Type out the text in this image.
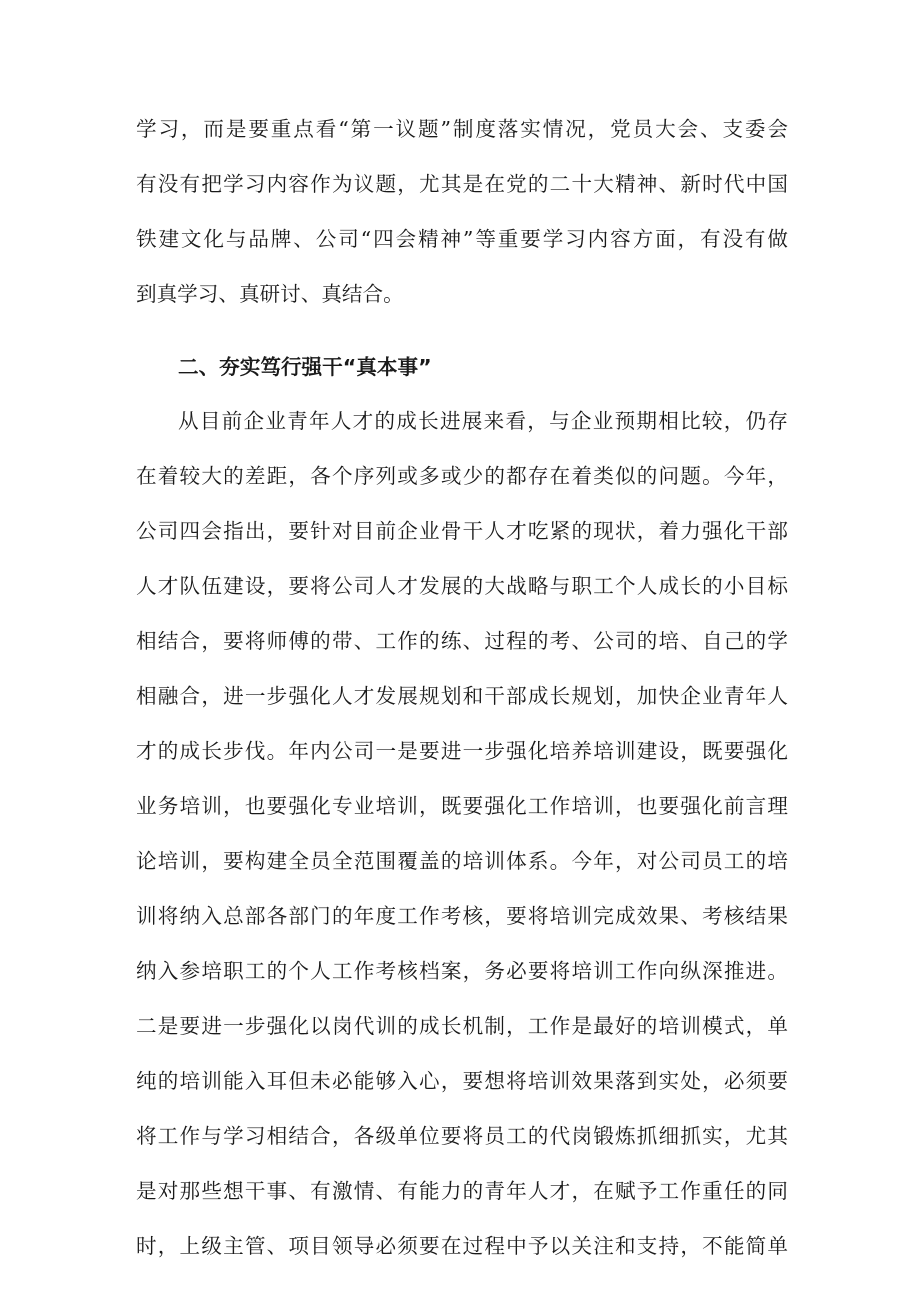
学习，而是要重点看“第一议题”制度落实情况，党员大会、支委会
有没有把学习内容作为议题，尤其是在党的二十大精神、新时代中国
铁建文化与品牌、公司“四会精神”等重要学习内容方面，有没有做
到真学习、真研讨、真结合。
二、夯实笃行强干“真本事”
从目前企业青年人才的成长进展来看，与企业预期相比较，仍存
在着较大的差距，各个序列或多或少的都存在着类似的问题。今年，
公司四会指出，要针对目前企业骨干人才吃紧的现状，着力强化干部
人才队伍建设，要将公司人才发展的大战略与职工个人成长的小目标
相结合，要将师傅的带、工作的练、过程的考、公司的培、自己的学
相融合，进一步强化人才发展规划和干部成长规划，加快企业青年人
才的成长步伐。年内公司一是要进一步强化培养培训建设，既要强化
业务培训，也要强化专业培训，既要强化工作培训，也要强化前言理
论培训，要构建全员全范围覆盖的培训体系。今年，对公司员工的培
训将纳入总部各部门的年度工作考核，要将培训完成效果、考核结果
纳入参培职工的个人工作考核档案，务必要将培训工作向纵深推进。
二是要进一步强化以岗代训的成长机制，工作是最好的培训模式，单
纯的培训能入耳但未必能够入心，要想将培训效果落到实处，必须要
将工作与学习相结合，各级单位要将员工的代岗锻炼抓细抓实，尤其
是对那些想干事、有激情、有能力的青年人才，在赋予工作重任的同
时，上级主管、项目领导必须要在过程中予以关注和支持，不能简单
